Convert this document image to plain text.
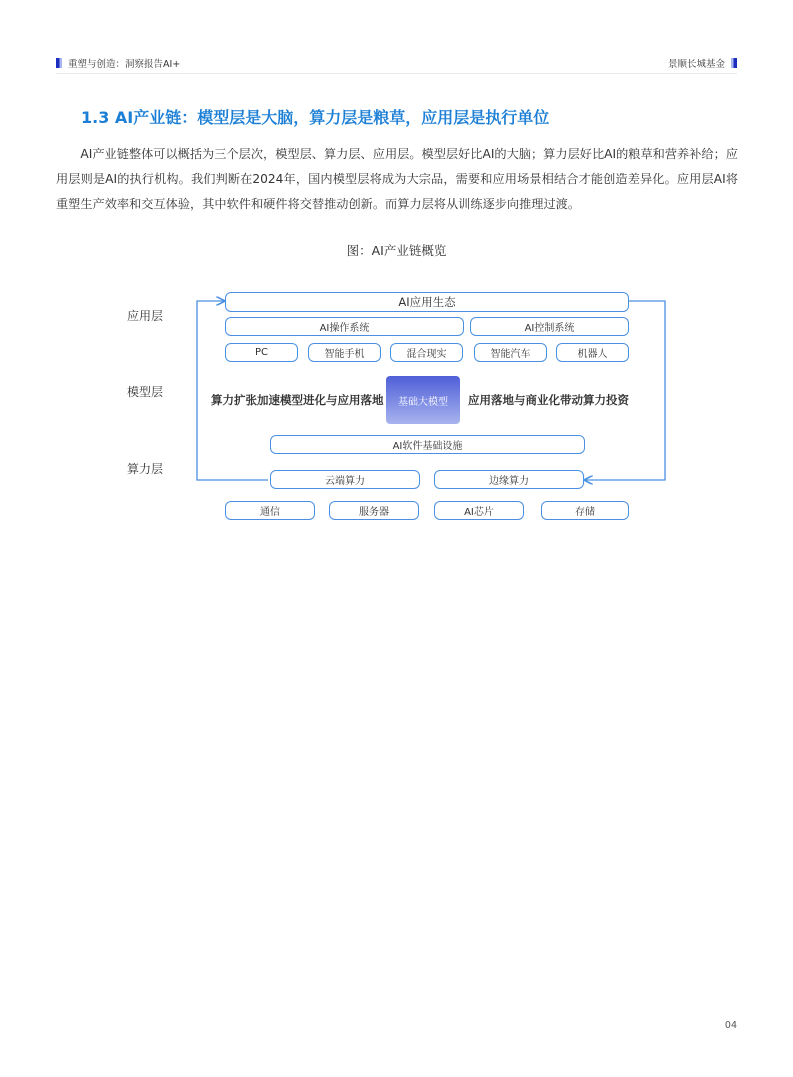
重塑与创造：洞察报告AI+	景顺长城基金
1.3 AI产业链：模型层是大脑，算力层是粮草，应用层是执行单位
AI产业链整体可以概括为三个层次，模型层、算力层、应用层。模型层好比AI的大脑；算力层好比AI的粮草和营养补给；应用层则是AI的执行机构。我们判断在2024年，国内模型层将成为大宗品，需要和应用场景相结合才能创造差异化。应用层AI将重塑生产效率和交互体验，其中软件和硬件将交替推动创新。而算力层将从训练逐步向推理过渡。
图：AI产业链概览
应用层
模型层
算力层
AI应用生态
AI操作系统	AI控制系统
PC	智能手机	混合现实	智能汽车	机器人
算力扩张加速模型进化与应用落地	基础大模型	应用落地与商业化带动算力投资
AI软件基础设施
云端算力	边缘算力
通信	服务器	AI芯片	存储
04
